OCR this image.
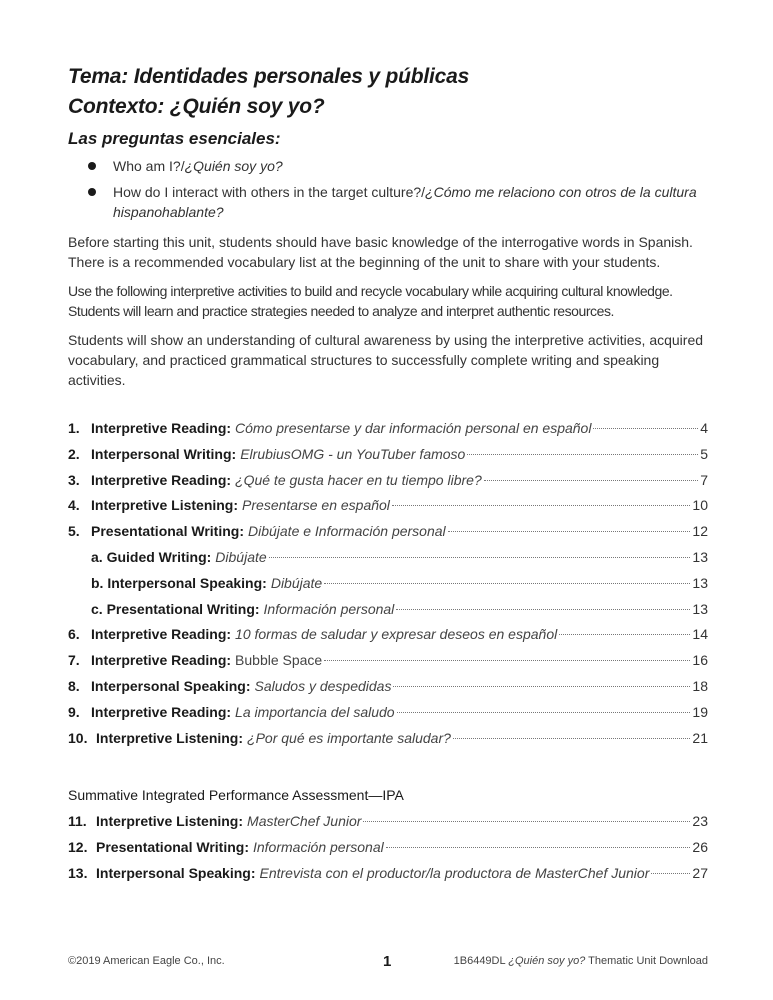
Tema: Identidades personales y públicas
Contexto: ¿Quién soy yo?
Las preguntas esenciales:
Who am I?/¿Quién soy yo?
How do I interact with others in the target culture?/¿Cómo me relaciono con otros de la cultura hispanohablante?

Before starting this unit, students should have basic knowledge of the interrogative words in Spanish. There is a recommended vocabulary list at the beginning of the unit to share with your students.

Use the following interpretive activities to build and recycle vocabulary while acquiring cultural knowledge. Students will learn and practice strategies needed to analyze and interpret authentic resources.

Students will show an understanding of cultural awareness by using the interpretive activities, acquired vocabulary, and practiced grammatical structures to successfully complete writing and speaking activities.

1. Interpretive Reading: Cómo presentarse y dar información personal en español	4
2. Interpersonal Writing: ElrubiusOMG - un YouTuber famoso	5
3. Interpretive Reading: ¿Qué te gusta hacer en tu tiempo libre?	7
4. Interpretive Listening: Presentarse en español	10
5. Presentational Writing: Dibújate e Información personal	12
a. Guided Writing: Dibújate	13
b. Interpersonal Speaking: Dibújate	13
c. Presentational Writing: Información personal	13
6. Interpretive Reading: 10 formas de saludar y expresar deseos en español	14
7. Interpretive Reading: Bubble Space	16
8. Interpersonal Speaking: Saludos y despedidas	18
9. Interpretive Reading: La importancia del saludo	19
10. Interpretive Listening: ¿Por qué es importante saludar?	21
Summative Integrated Performance Assessment—IPA
11. Interpretive Listening: MasterChef Junior	23
12. Presentational Writing: Información personal	26
13. Interpersonal Speaking: Entrevista con el productor/la productora de MasterChef Junior	27
©2019 American Eagle Co., Inc.	1	1B6449DL ¿Quién soy yo? Thematic Unit Download
